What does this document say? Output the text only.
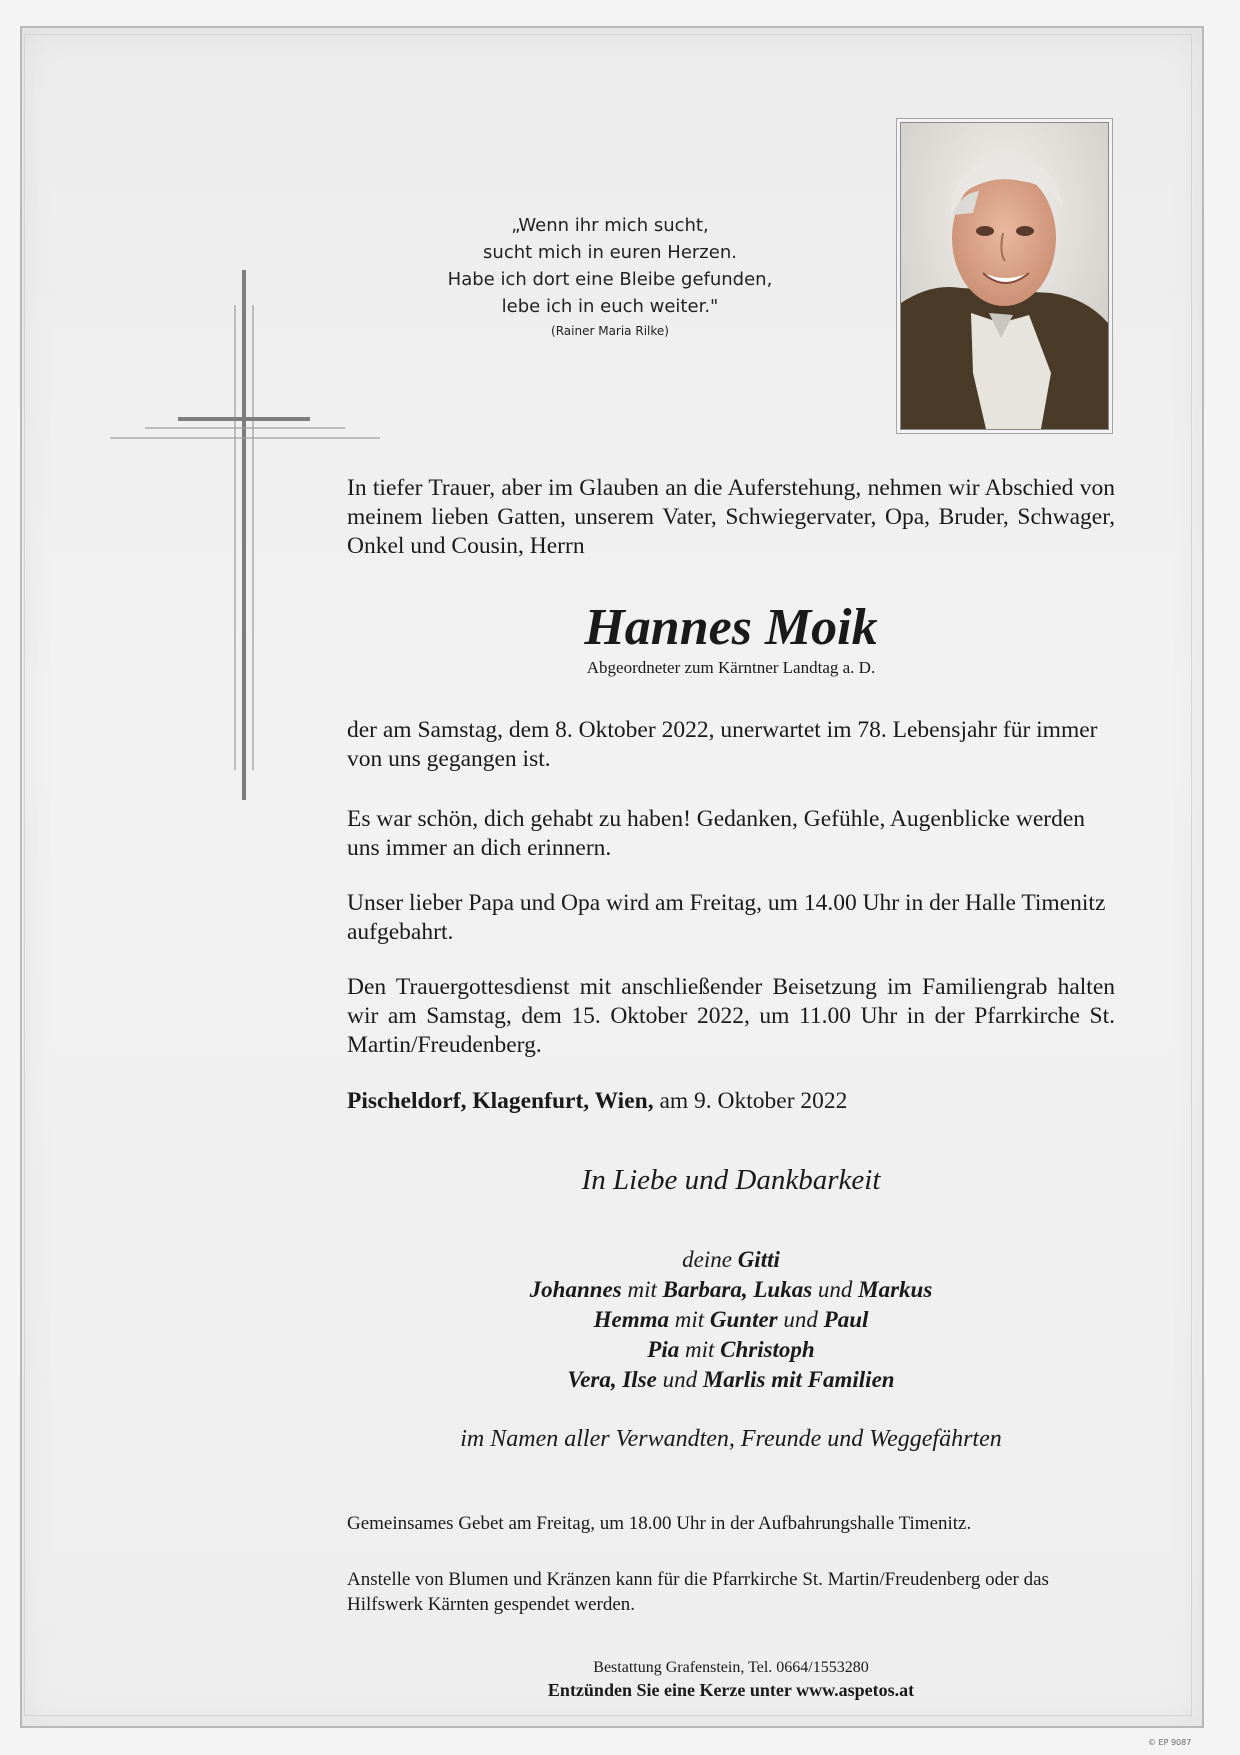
„Wenn ihr mich sucht,
sucht mich in euren Herzen.
Habe ich dort eine Bleibe gefunden,
lebe ich in euch weiter."
(Rainer Maria Rilke)
In tiefer Trauer, aber im Glauben an die Auferstehung, nehmen wir Abschied von meinem lieben Gatten, unserem Vater, Schwiegervater, Opa, Bruder, Schwager, Onkel und Cousin, Herrn
Hannes Moik
Abgeordneter zum Kärntner Landtag a. D.
der am Samstag, dem 8. Oktober 2022, unerwartet im 78. Lebensjahr für immer von uns gegangen ist.
Es war schön, dich gehabt zu haben! Gedanken, Gefühle, Augenblicke werden uns immer an dich erinnern.
Unser lieber Papa und Opa wird am Freitag, um 14.00 Uhr in der Halle Timenitz aufgebahrt.
Den Trauergottesdienst mit anschließender Beisetzung im Familiengrab halten wir am Samstag, dem 15. Oktober 2022, um 11.00 Uhr in der Pfarrkirche St. Martin/Freudenberg.
Pischeldorf, Klagenfurt, Wien, am 9. Oktober 2022
In Liebe und Dankbarkeit
deine Gitti
Johannes mit Barbara, Lukas und Markus
Hemma mit Gunter und Paul
Pia mit Christoph
Vera, Ilse und Marlis mit Familien
im Namen aller Verwandten, Freunde und Weggefährten
Gemeinsames Gebet am Freitag, um 18.00 Uhr in der Aufbahrungshalle Timenitz.
Anstelle von Blumen und Kränzen kann für die Pfarrkirche St. Martin/Freudenberg oder das Hilfswerk Kärnten gespendet werden.
Bestattung Grafenstein, Tel. 0664/1553280
Entzünden Sie eine Kerze unter www.aspetos.at
© EP 9087
